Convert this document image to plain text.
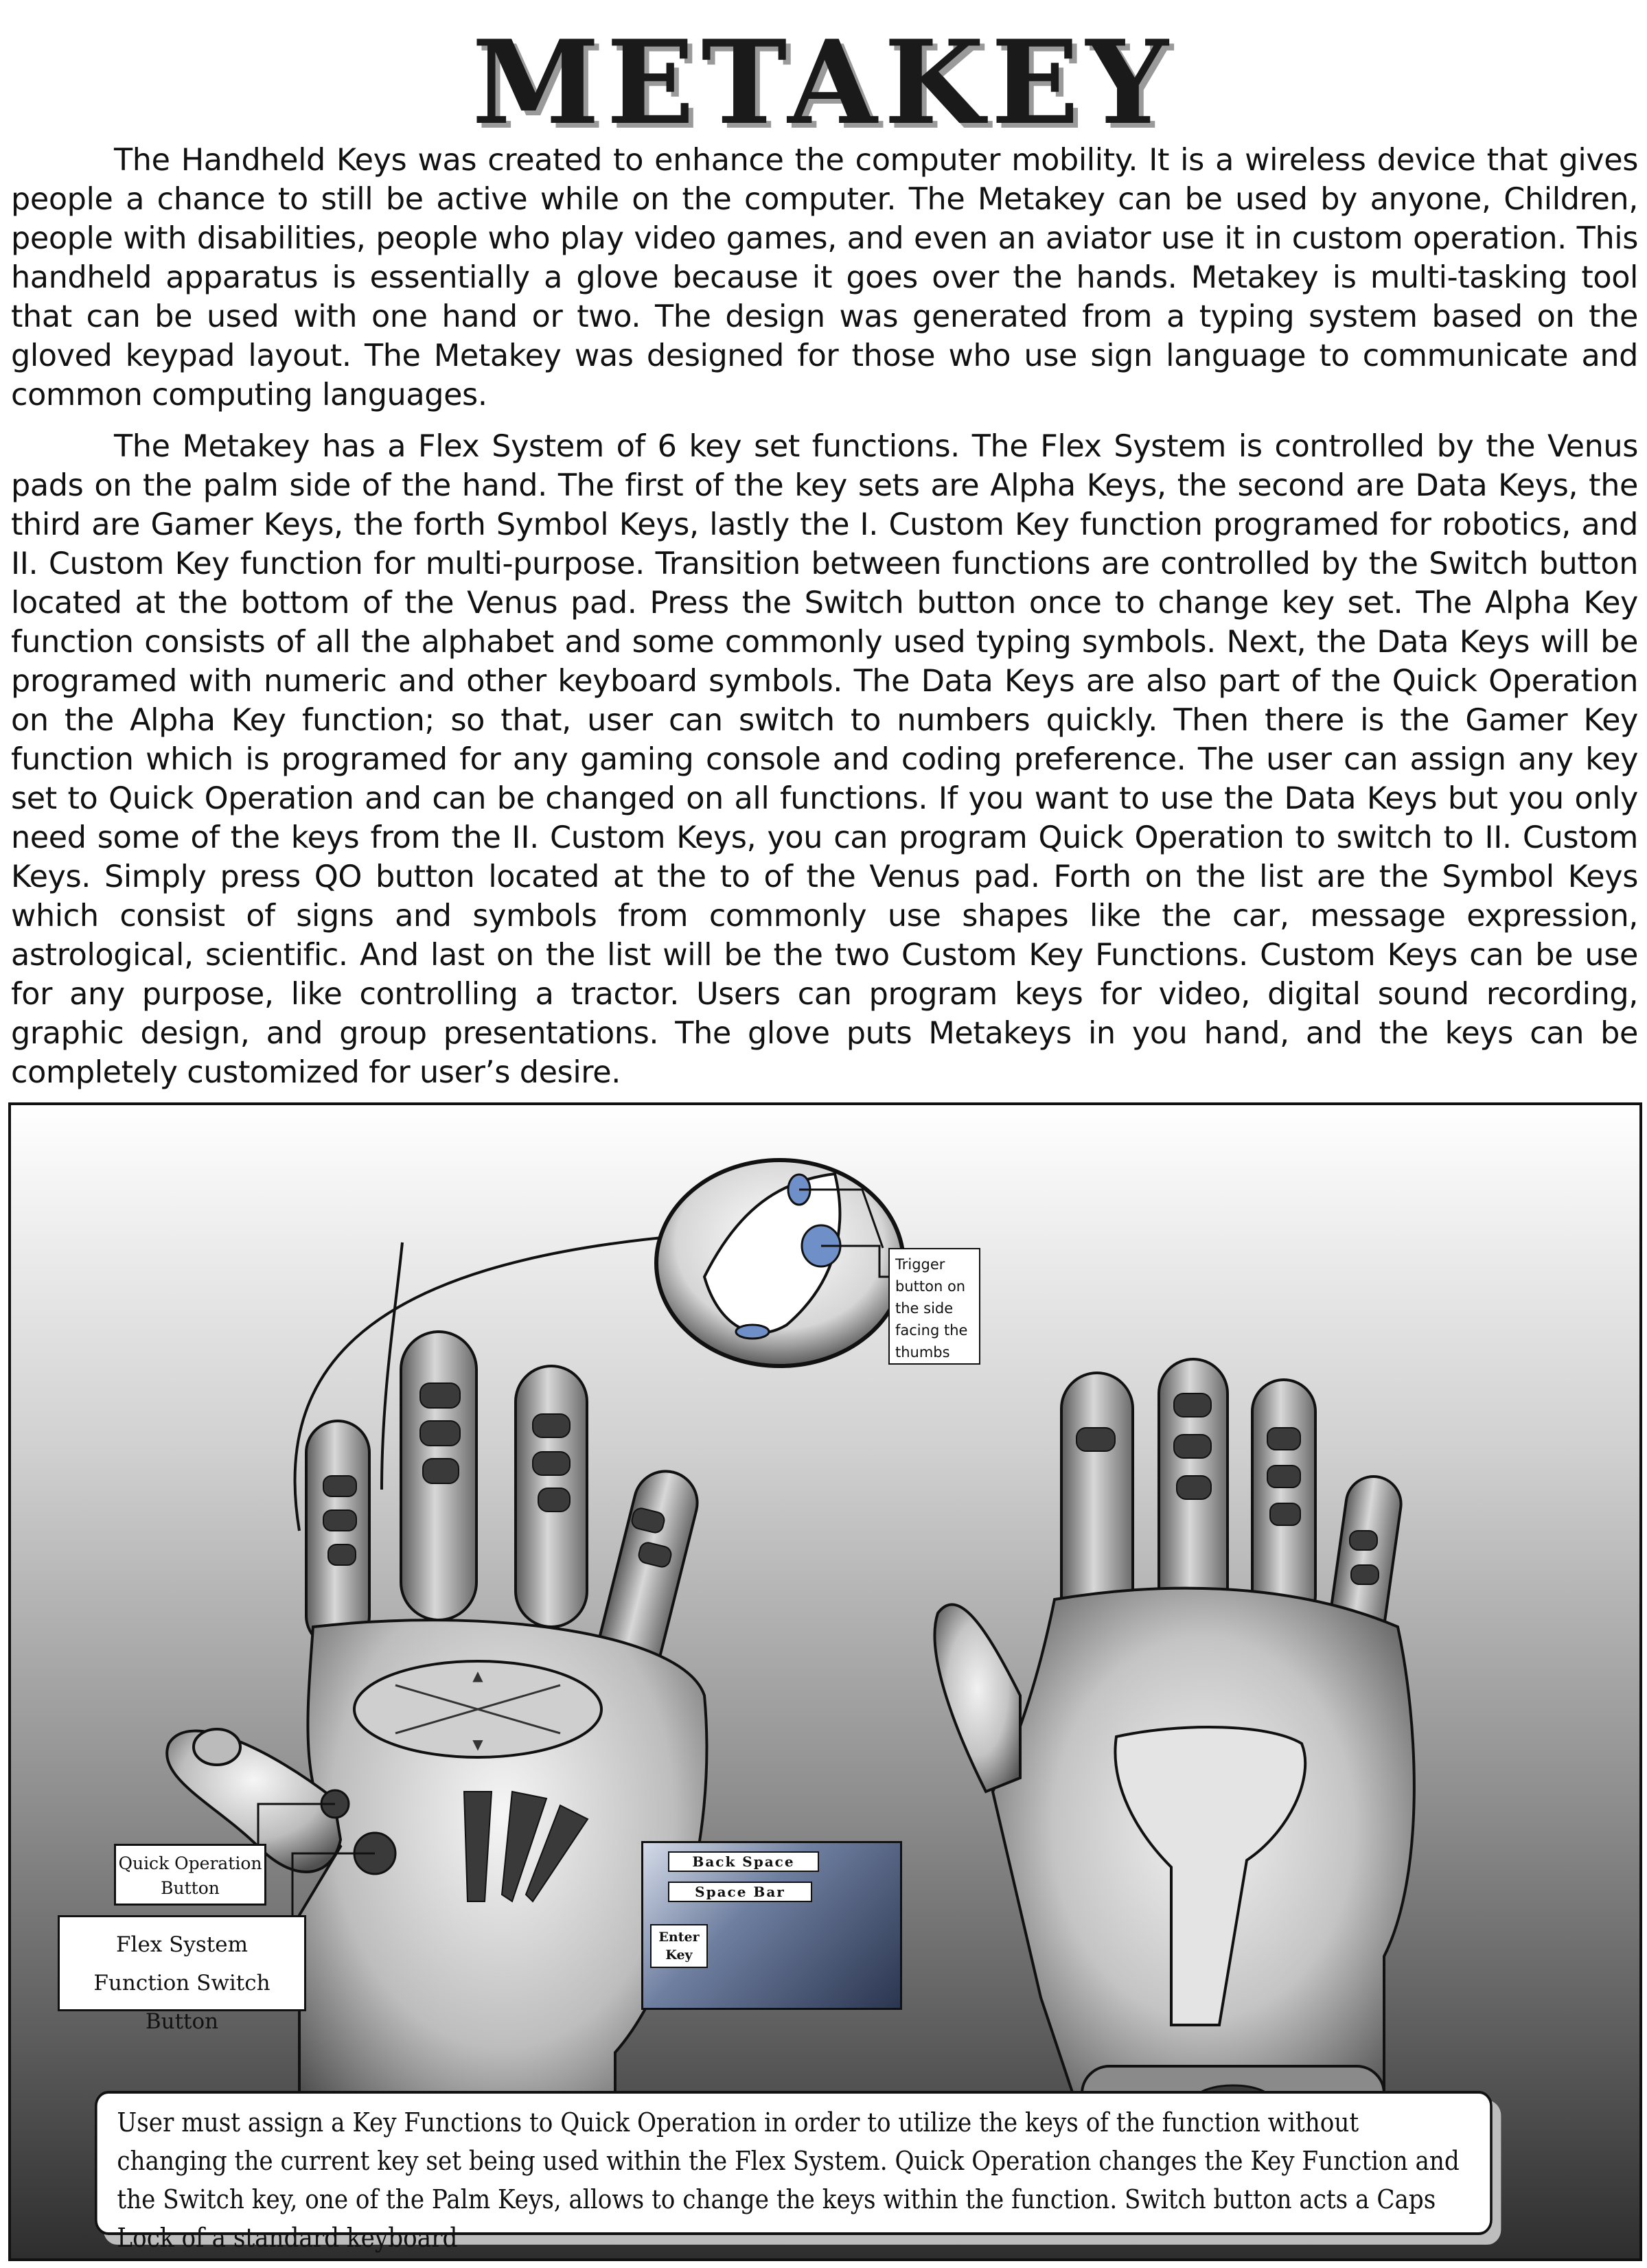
METAKEY

The Handheld Keys was created to enhance the computer mobility. It is a wireless device that gives people a chance to still be active while on the computer. The Metakey can be used by anyone, Children, people with disabilities, people who play video games, and even an aviator use it in custom operation. This handheld apparatus is essentially a glove because it goes over the hands. Metakey is multi-tasking tool that can be used with one hand or two. The design was generated from a typing system based on the gloved keypad layout. The Metakey was designed for those who use sign language to communicate and common computing languages.

The Metakey has a Flex System of 6 key set functions. The Flex System is controlled by the Venus pads on the palm side of the hand. The first of the key sets are Alpha Keys, the second are Data Keys, the third are Gamer Keys, the forth Symbol Keys, lastly the I. Custom Key function programed for robotics, and II. Custom Key function for multi-purpose. Transition between functions are controlled by the Switch button located at the bottom of the Venus pad. Press the Switch button once to change key set. The Alpha Key function consists of all the alphabet and some commonly used typing symbols. Next, the Data Keys will be programed with numeric and other keyboard symbols. The Data Keys are also part of the Quick Operation on the Alpha Key function; so that, user can switch to numbers quickly. Then there is the Gamer Key function which is programed for any gaming console and coding preference. The user can assign any key set to Quick Operation and can be changed on all functions. If you want to use the Data Keys but you only need some of the keys from the II. Custom Keys, you can program Quick Operation to switch to II. Custom Keys. Simply press QO button located at the to of the Venus pad. Forth on the list are the Symbol Keys which consist of signs and symbols from commonly use shapes like the car, message expression, astrological, scientific. And last on the list will be the two Custom Key Functions. Custom Keys can be use for any purpose, like controlling a tractor. Users can program keys for video, digital sound recording, graphic design, and group presentations. The glove puts Metakeys in you hand, and the keys can be completely customized for user’s desire.

▲
▼
Trigger button on the side facing the thumbs
Quick Operation Button
Flex System
Function Switch Button
Back Space
Space Bar
Enter Key
User must assign a Key Functions to Quick Operation in order to utilize the keys of the function without changing the current key set being used within the Flex System. Quick Operation changes the Key Function and the Switch key, one of the Palm Keys, allows to change the keys within the function. Switch button acts a Caps Lock of a standard keyboard
